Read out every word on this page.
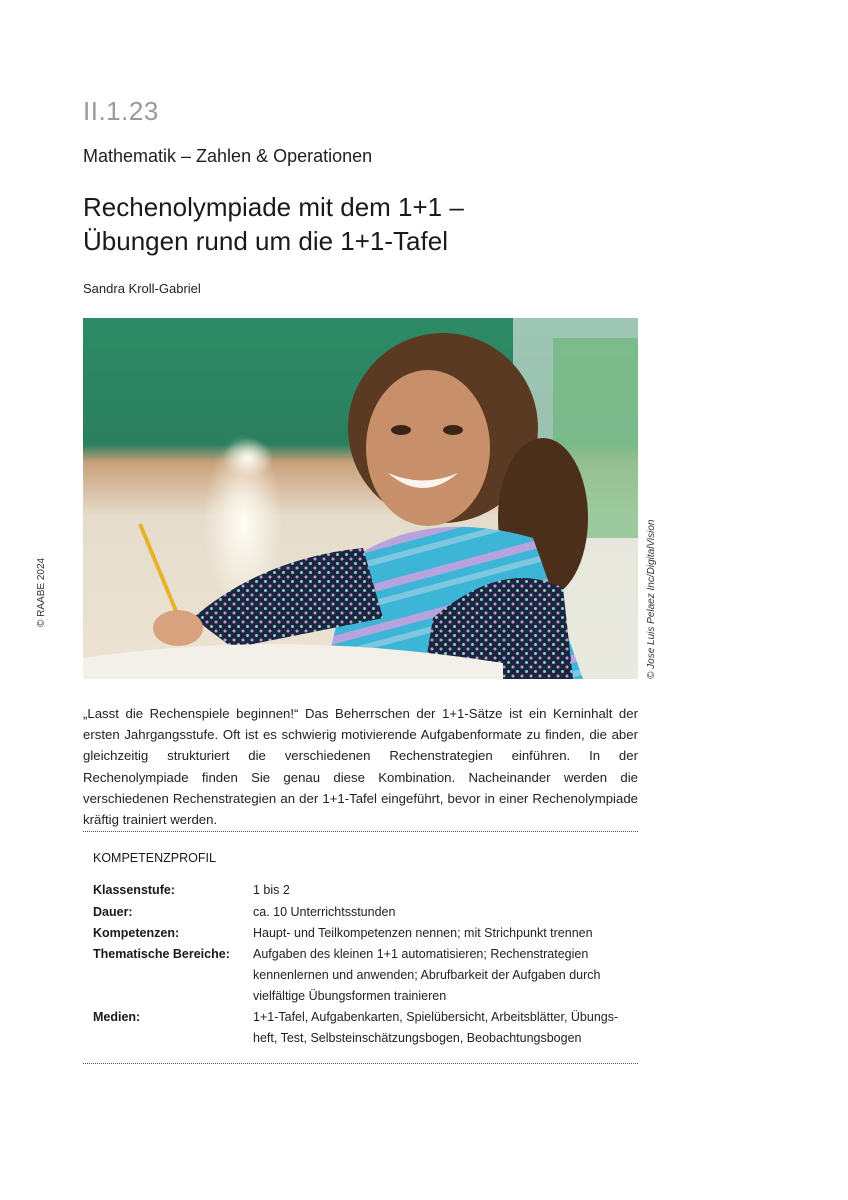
II.1.23
Mathematik – Zahlen & Operationen
Rechenolympiade mit dem 1+1 –
Übungen rund um die 1+1-Tafel
Sandra Kroll-Gabriel
© Jose Luis Pelaez Inc/DigitalVision
© RAABE 2024
„Lasst die Rechenspiele beginnen!“ Das Beherrschen der 1+1-Sätze ist ein Kerninhalt der ersten Jahrgangsstufe. Oft ist es schwierig motivierende Aufgabenformate zu finden, die aber gleichzeitig strukturiert die verschiedenen Rechenstrategien einführen. In der Rechenolympiade finden Sie genau diese Kombination. Nacheinander werden die verschiedenen Rechenstrategien an der 1+1-Tafel eingeführt, bevor in einer Rechenolympiade kräftig trainiert werden.
KOMPETENZPROFIL
Klassenstufe:	1 bis 2
Dauer:	ca. 10 Unterrichtsstunden
Kompetenzen:	Haupt- und Teilkompetenzen nennen; mit Strichpunkt trennen
Thematische Bereiche:	Aufgaben des kleinen 1+1 automatisieren; Rechenstrategien kennenlernen und anwenden; Abrufbarkeit der Aufgaben durch vielfältige Übungsformen trainieren
Medien:	1+1-Tafel, Aufgabenkarten, Spielübersicht, Arbeitsblätter, Übungsheft, Test, Selbsteinschätzungsbogen, Beobachtungsbogen
